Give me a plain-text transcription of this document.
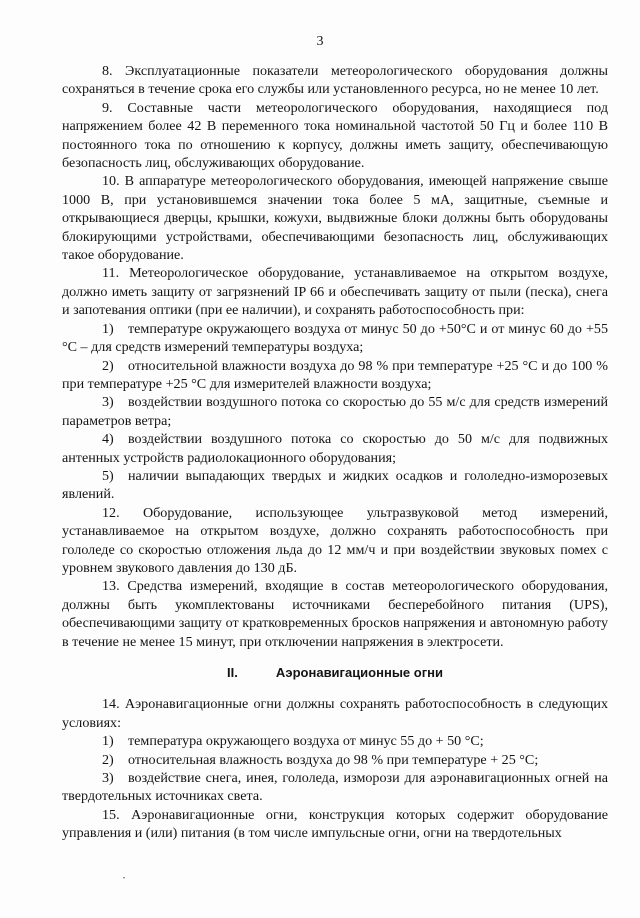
3

8. Эксплуатационные показатели метеорологического оборудования должны сохраняться в течение срока его службы или установленного ресурса, но не менее 10 лет.

9. Составные части метеорологического оборудования, находящиеся под напряжением более 42 В переменного тока номинальной частотой 50 Гц и более 110 В постоянного тока по отношению к корпусу, должны иметь защиту, обеспечивающую безопасность лиц, обслуживающих оборудование.

10. В аппаратуре метеорологического оборудования, имеющей напряжение свыше 1000 В, при установившемся значении тока более 5 мА, защитные, съемные и открывающиеся дверцы, крышки, кожухи, выдвижные блоки должны быть оборудованы блокирующими устройствами, обеспечивающими безопасность лиц, обслуживающих такое оборудование.

11. Метеорологическое оборудование, устанавливаемое на открытом воздухе, должно иметь защиту от загрязнений IP 66 и обеспечивать защиту от пыли (песка), снега и запотевания оптики (при ее наличии), и сохранять работоспособность при:

1) температуре окружающего воздуха от минус 50 до +50°С и от минус 60 до +55 °С – для средств измерений температуры воздуха;

2) относительной влажности воздуха до 98 % при температуре +25 °С и до 100 % при температуре +25 °С для измерителей влажности воздуха;

3) воздействии воздушного потока со скоростью до 55 м/с для средств измерений параметров ветра;

4) воздействии воздушного потока со скоростью до 50 м/с для подвижных антенных устройств радиолокационного оборудования;

5) наличии выпадающих твердых и жидких осадков и гололедно-изморозевых явлений.

12. Оборудование, использующее ультразвуковой метод измерений, устанавливаемое на открытом воздухе, должно сохранять работоспособность при гололеде со скоростью отложения льда до 12 мм/ч и при воздействии звуковых помех с уровнем звукового давления до 130 дБ.

13. Средства измерений, входящие в состав метеорологического оборудования, должны быть укомплектованы источниками бесперебойного питания (UPS), обеспечивающими защиту от кратковременных бросков напряжения и автономную работу в течение не менее 15 минут, при отключении напряжения в электросети.

II.	Аэронавигационные огни

14. Аэронавигационные огни должны сохранять работоспособность в следующих условиях:

1) температура окружающего воздуха от минус 55 до + 50 °С;

2) относительная влажность воздуха до 98 % при температуре + 25 °С;

3) воздействие снега, инея, гололеда, изморози для аэронавигационных огней на твердотельных источниках света.

15. Аэронавигационные огни, конструкция которых содержит оборудование управления и (или) питания (в том числе импульсные огни, огни на твердотельных

•
